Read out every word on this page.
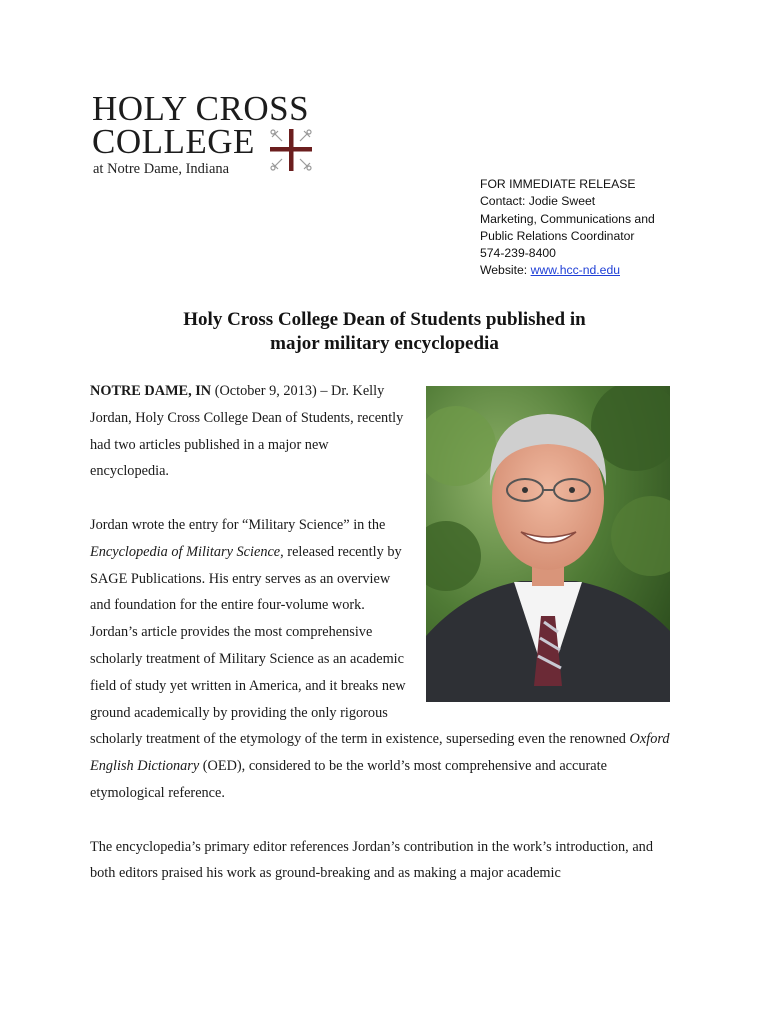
HOLY CROSS
COLLEGE
at Notre Dame, Indiana
FOR IMMEDIATE RELEASE
Contact: Jodie Sweet
Marketing, Communications and
Public Relations Coordinator
574-239-8400
Website: www.hcc-nd.edu
Holy Cross College Dean of Students published in
major military encyclopedia

NOTRE DAME, IN (October 9, 2013) – Dr. Kelly Jordan, Holy Cross College Dean of Students, recently had two articles published in a major new encyclopedia.

Jordan wrote the entry for “Military Science” in the Encyclopedia of Military Science, released recently by SAGE Publications. His entry serves as an overview and foundation for the entire four-volume work. Jordan’s article provides the most comprehensive scholarly treatment of Military Science as an academic field of study yet written in America, and it breaks new ground academically by providing the only rigorous scholarly treatment of the etymology of the term in existence, superseding even the renowned Oxford English Dictionary (OED), considered to be the world’s most comprehensive and accurate etymological reference.

The encyclopedia’s primary editor references Jordan’s contribution in the work’s introduction, and both editors praised his work as ground-breaking and as making a major academic
